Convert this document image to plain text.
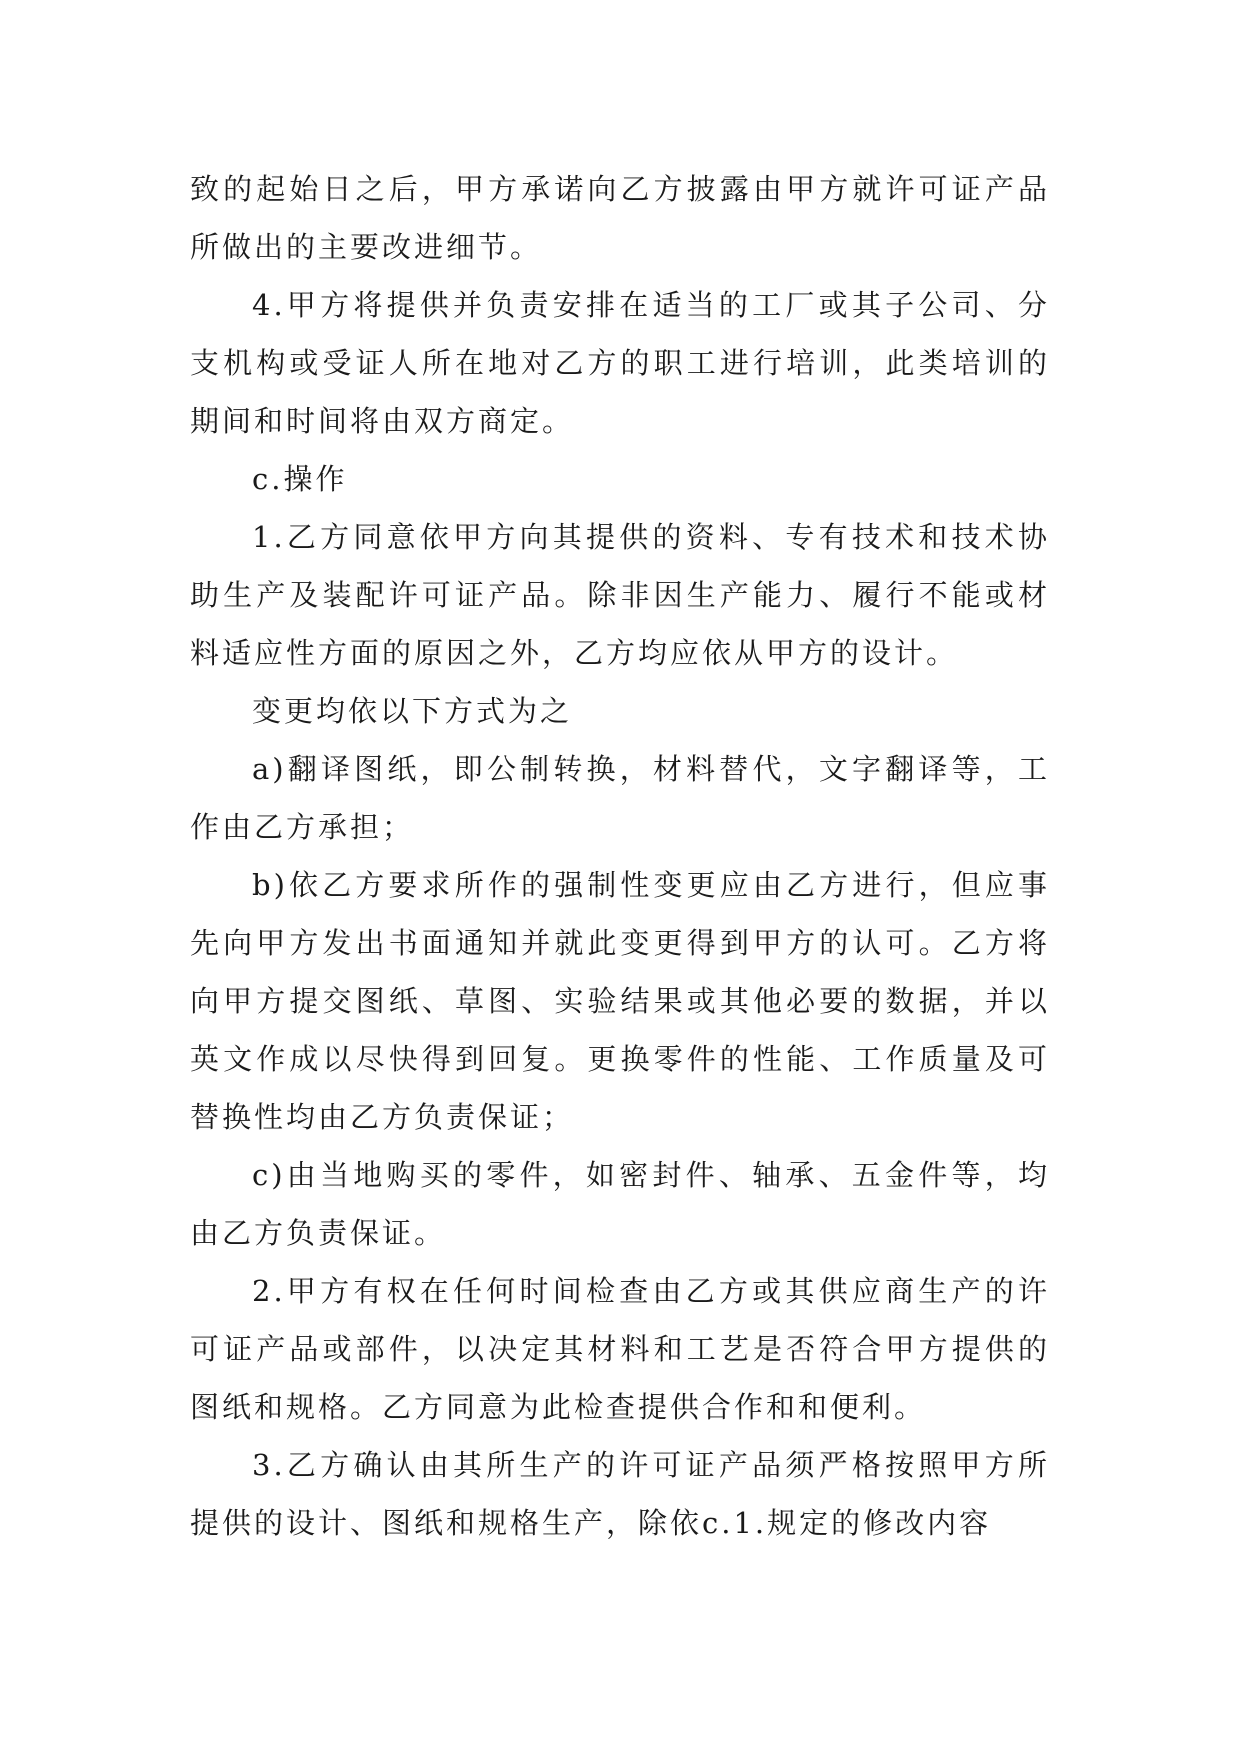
致的起始日之后，甲方承诺向乙方披露由甲方就许可证产品所做出的主要改进细节。

4.甲方将提供并负责安排在适当的工厂或其子公司、分支机构或受证人所在地对乙方的职工进行培训，此类培训的期间和时间将由双方商定。

c.操作

1.乙方同意依甲方向其提供的资料、专有技术和技术协助生产及装配许可证产品。除非因生产能力、履行不能或材料适应性方面的原因之外，乙方均应依从甲方的设计。

变更均依以下方式为之

a)翻译图纸，即公制转换，材料替代，文字翻译等，工作由乙方承担；

b)依乙方要求所作的强制性变更应由乙方进行，但应事先向甲方发出书面通知并就此变更得到甲方的认可。乙方将向甲方提交图纸、草图、实验结果或其他必要的数据，并以英文作成以尽快得到回复。更换零件的性能、工作质量及可替换性均由乙方负责保证；

c)由当地购买的零件，如密封件、轴承、五金件等，均由乙方负责保证。

2.甲方有权在任何时间检查由乙方或其供应商生产的许可证产品或部件，以决定其材料和工艺是否符合甲方提供的图纸和规格。乙方同意为此检查提供合作和和便利。

3.乙方确认由其所生产的许可证产品须严格按照甲方所提供的设计、图纸和规格生产，除依c.1.规定的修改内容
